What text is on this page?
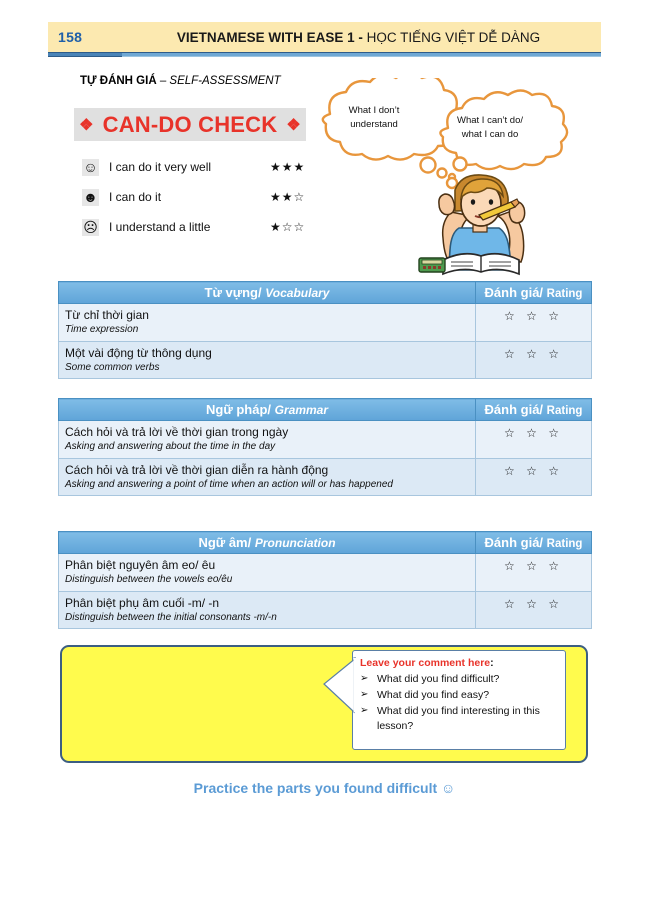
158	VIETNAMESE WITH EASE 1 - HỌC TIẾNG VIỆT DỄ DÀNG
TỰ ĐÁNH GIÁ – SELF-ASSESSMENT
❖ CAN-DO CHECK ❖
☺ I can do it very well	★★★
☻ I can do it	★★☆
☹ I understand a little	★☆☆
What I don’t
understand	What I can’t do/
what I can do
Từ vựng/ Vocabulary	Đánh giá/ Rating

Từ chỉ thời gian
Time expression	☆ ☆ ☆

Một vài động từ thông dụng
Some common verbs	☆ ☆ ☆
Ngữ pháp/ Grammar	Đánh giá/ Rating

Cách hỏi và trả lời về thời gian trong ngày
Asking and answering about the time in the day	☆ ☆ ☆

Cách hỏi và trả lời về thời gian diễn ra hành động
Asking and answering a point of time when an action will or has happened	☆ ☆ ☆
Ngữ âm/ Pronunciation	Đánh giá/ Rating

Phân biệt nguyên âm eo/ êu
Distinguish between the vowels eo/êu	☆ ☆ ☆

Phân biệt phụ âm cuối -m/ -n
Distinguish between the initial consonants -m/-n	☆ ☆ ☆
Leave your comment here:
➢ What did you find difficult?
➢ What did you find easy?
➢ What did you find interesting in this lesson?
Practice the parts you found difficult ☺
